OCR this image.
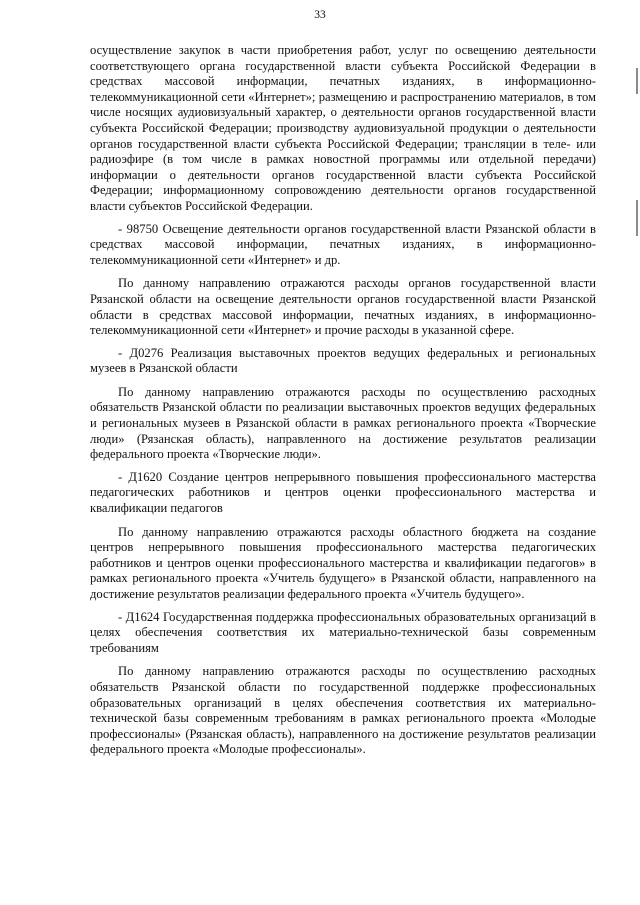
33

осуществление закупок в части приобретения работ, услуг по освещению деятельности соответствующего органа государственной власти субъекта Российской Федерации в средствах массовой информации, печатных изданиях, в информационно-телекоммуникационной сети «Интернет»; размещению и распространению материалов, в том числе носящих аудиовизуальный характер, о деятельности органов государственной власти субъекта Российской Федерации; производству аудиовизуальной продукции о деятельности органов государственной власти субъекта Российской Федерации; трансляции в теле- или радиоэфире (в том числе в рамках новостной программы или отдельной передачи) информации о деятельности органов государственной власти субъекта Российской Федерации; информационному сопровождению деятельности органов государственной власти субъектов Российской Федерации.

- 98750 Освещение деятельности органов государственной власти Рязанской области в средствах массовой информации, печатных изданиях, в информационно-телекоммуникационной сети «Интернет» и др.

По данному направлению отражаются расходы органов государственной власти Рязанской области на освещение деятельности органов государственной власти Рязанской области в средствах массовой информации, печатных изданиях, в информационно-телекоммуникационной сети «Интернет» и прочие расходы в указанной сфере.

- Д0276 Реализация выставочных проектов ведущих федеральных и региональных музеев в Рязанской области

По данному направлению отражаются расходы по осуществлению расходных обязательств Рязанской области по реализации выставочных проектов ведущих федеральных и региональных музеев в Рязанской области в рамках регионального проекта «Творческие люди» (Рязанская область), направленного на достижение результатов реализации федерального проекта «Творческие люди».

- Д1620 Создание центров непрерывного повышения профессионального мастерства педагогических работников и центров оценки профессионального мастерства и квалификации педагогов

По данному направлению отражаются расходы областного бюджета на создание центров непрерывного повышения профессионального мастерства педагогических работников и центров оценки профессионального мастерства и квалификации педагогов» в рамках регионального проекта «Учитель будущего» в Рязанской области, направленного на достижение результатов реализации федерального проекта «Учитель будущего».

- Д1624 Государственная поддержка профессиональных образовательных организаций в целях обеспечения соответствия их материально-технической базы современным требованиям

По данному направлению отражаются расходы по осуществлению расходных обязательств Рязанской области по государственной поддержке профессиональных образовательных организаций в целях обеспечения соответствия их материально-технической базы современным требованиям в рамках регионального проекта «Молодые профессионалы» (Рязанская область), направленного на достижение результатов реализации федерального проекта «Молодые профессионалы».
